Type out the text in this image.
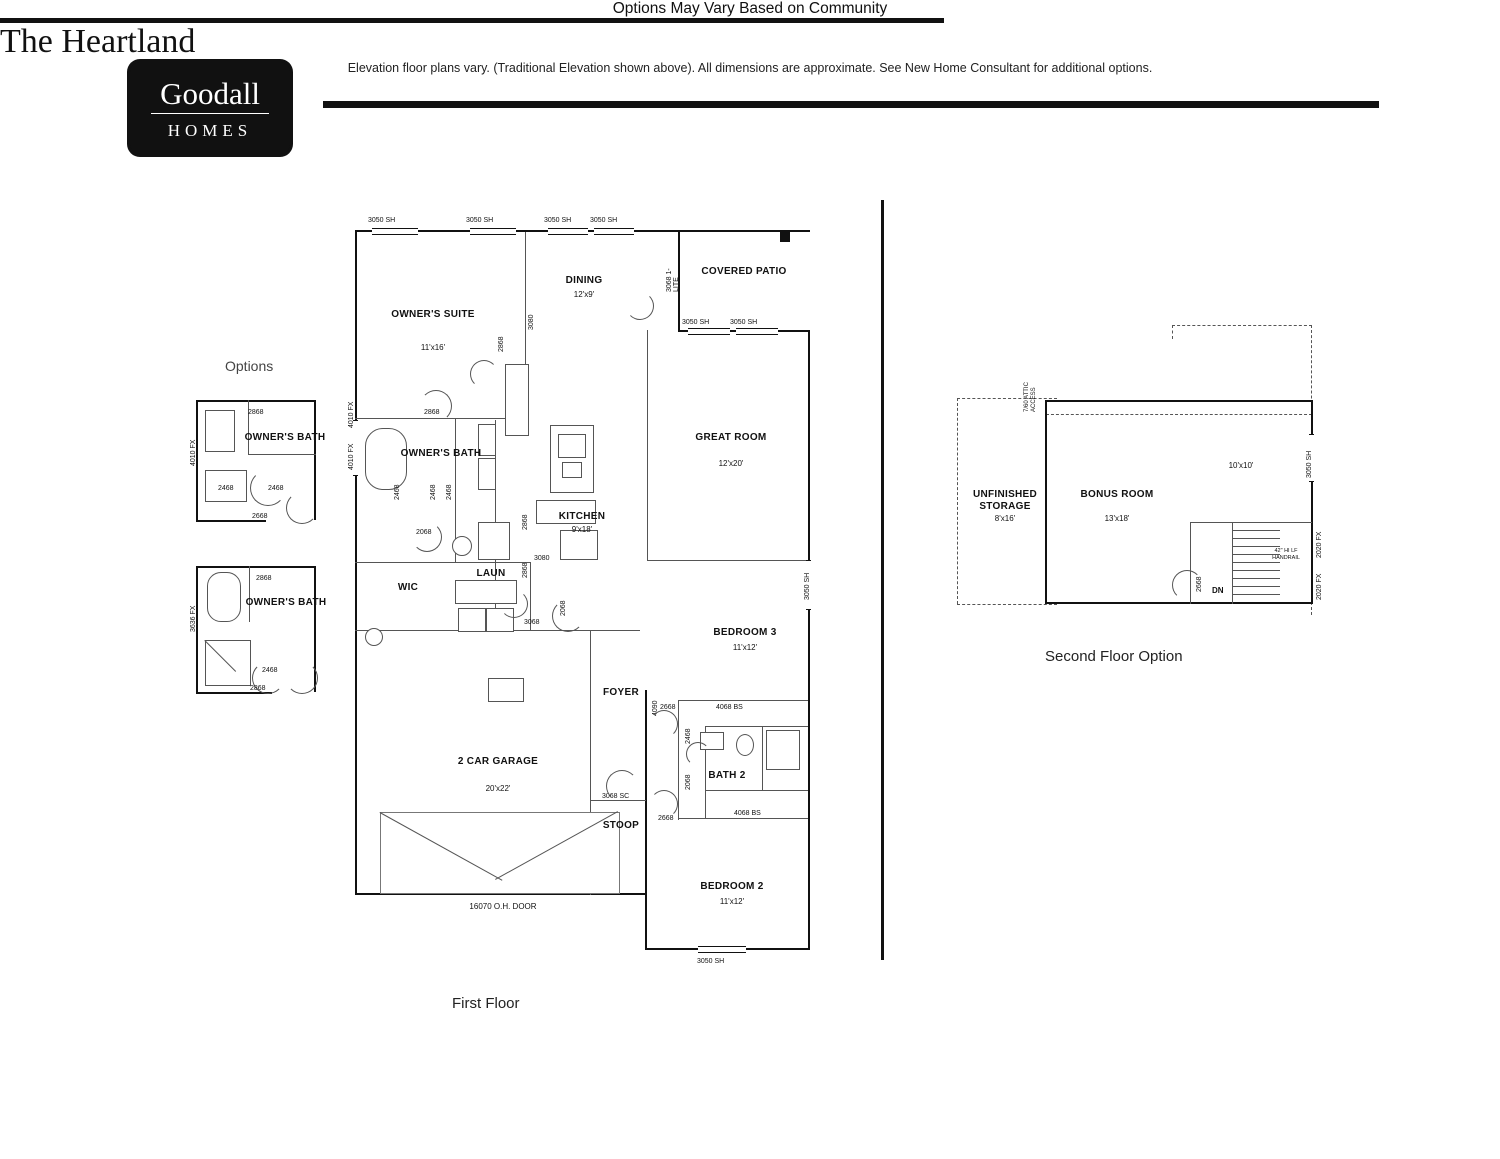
Goodall
HOMES
Options
OWNER'S BATH
4010 FX
2868
2468	2468
2668
OWNER'S BATH
3636 FX
2868
2468
2868
3050 SH	3050 SH	3050 SH	3050 SH
3050 SH	3050 SH
3050 SH
3050 SH
4010 FX
16070 O.H. DOOR
2868
3080
3068 1-LITE
2868
2468	2468 2468
2068
2868
3080
2868
3068
2068
2668	4068 BS
4090
2468
2068
3068 SC
2668
4068 BS
4010 FX
OWNER'S SUITE
11'x16'
DINING
12'x9'
COVERED PATIO
GREAT ROOM
12'x20'
OWNER'S BATH
KITCHEN
9'x18'
WIC
LAUN
FOYER
BEDROOM 3
11'x12'
BATH 2
STOOP
BEDROOM 2
11'x12'
2 CAR GARAGE
20'x22'
First Floor
UNFINISHED STORAGE
8'x16'
BONUS ROOM
13'x18'
10'x10'
7/60 ATTIC ACCESS
3050 SH
2020 FX
2020 FX
2668 DN
42" HI LF HANDRAIL
Second Floor Option
Options May Vary Based on Community
The Heartland
Elevation floor plans vary. (Traditional Elevation shown above). All dimensions are approximate. See New Home Consultant for additional options.
